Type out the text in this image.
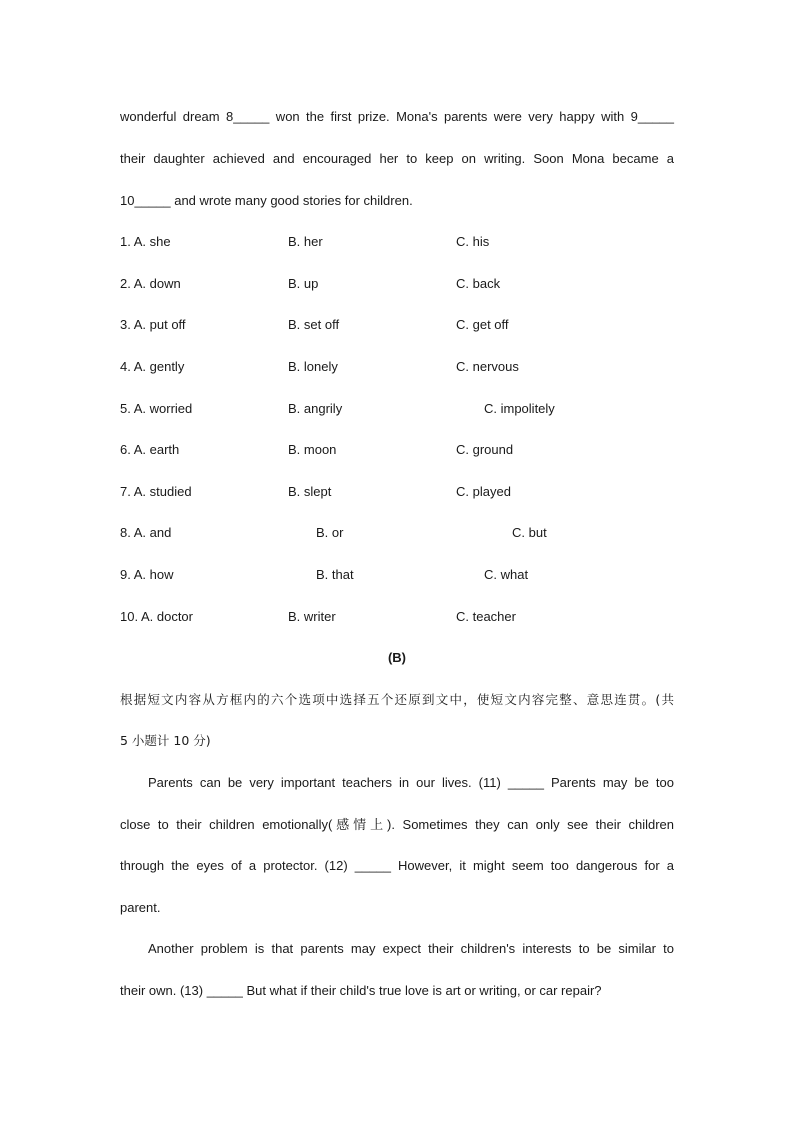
wonderful dream 8_____ won the first prize. Mona's parents were very happy with 9_____
their daughter achieved and encouraged her to keep on writing. Soon Mona became a
10_____ and wrote many good stories for children.
1. A. she	B. her	C. his
2. A. down	B. up	C. back
3. A. put off	B. set off	C. get off
4. A. gently	B. lonely	C. nervous
5. A. worried	B. angrily	C. impolitely
6. A. earth	B. moon	C. ground
7. A. studied	B. slept	C. played
8. A. and	B. or	C. but
9. A. how	B. that	C. what
10. A. doctor	B. writer	C. teacher
(B)
根据短文内容从方框内的六个选项中选择五个还原到文中，使短文内容完整、意思连贯。(共
5 小题计 10 分)
Parents can be very important teachers in our lives. (11) _____ Parents may be too
close to their children emotionally(感情上). Sometimes they can only see their children
through the eyes of a protector. (12) _____ However, it might seem too dangerous for a
parent.
Another problem is that parents may expect their children's interests to be similar to
their own. (13) _____ But what if their child's true love is art or writing, or car repair?
